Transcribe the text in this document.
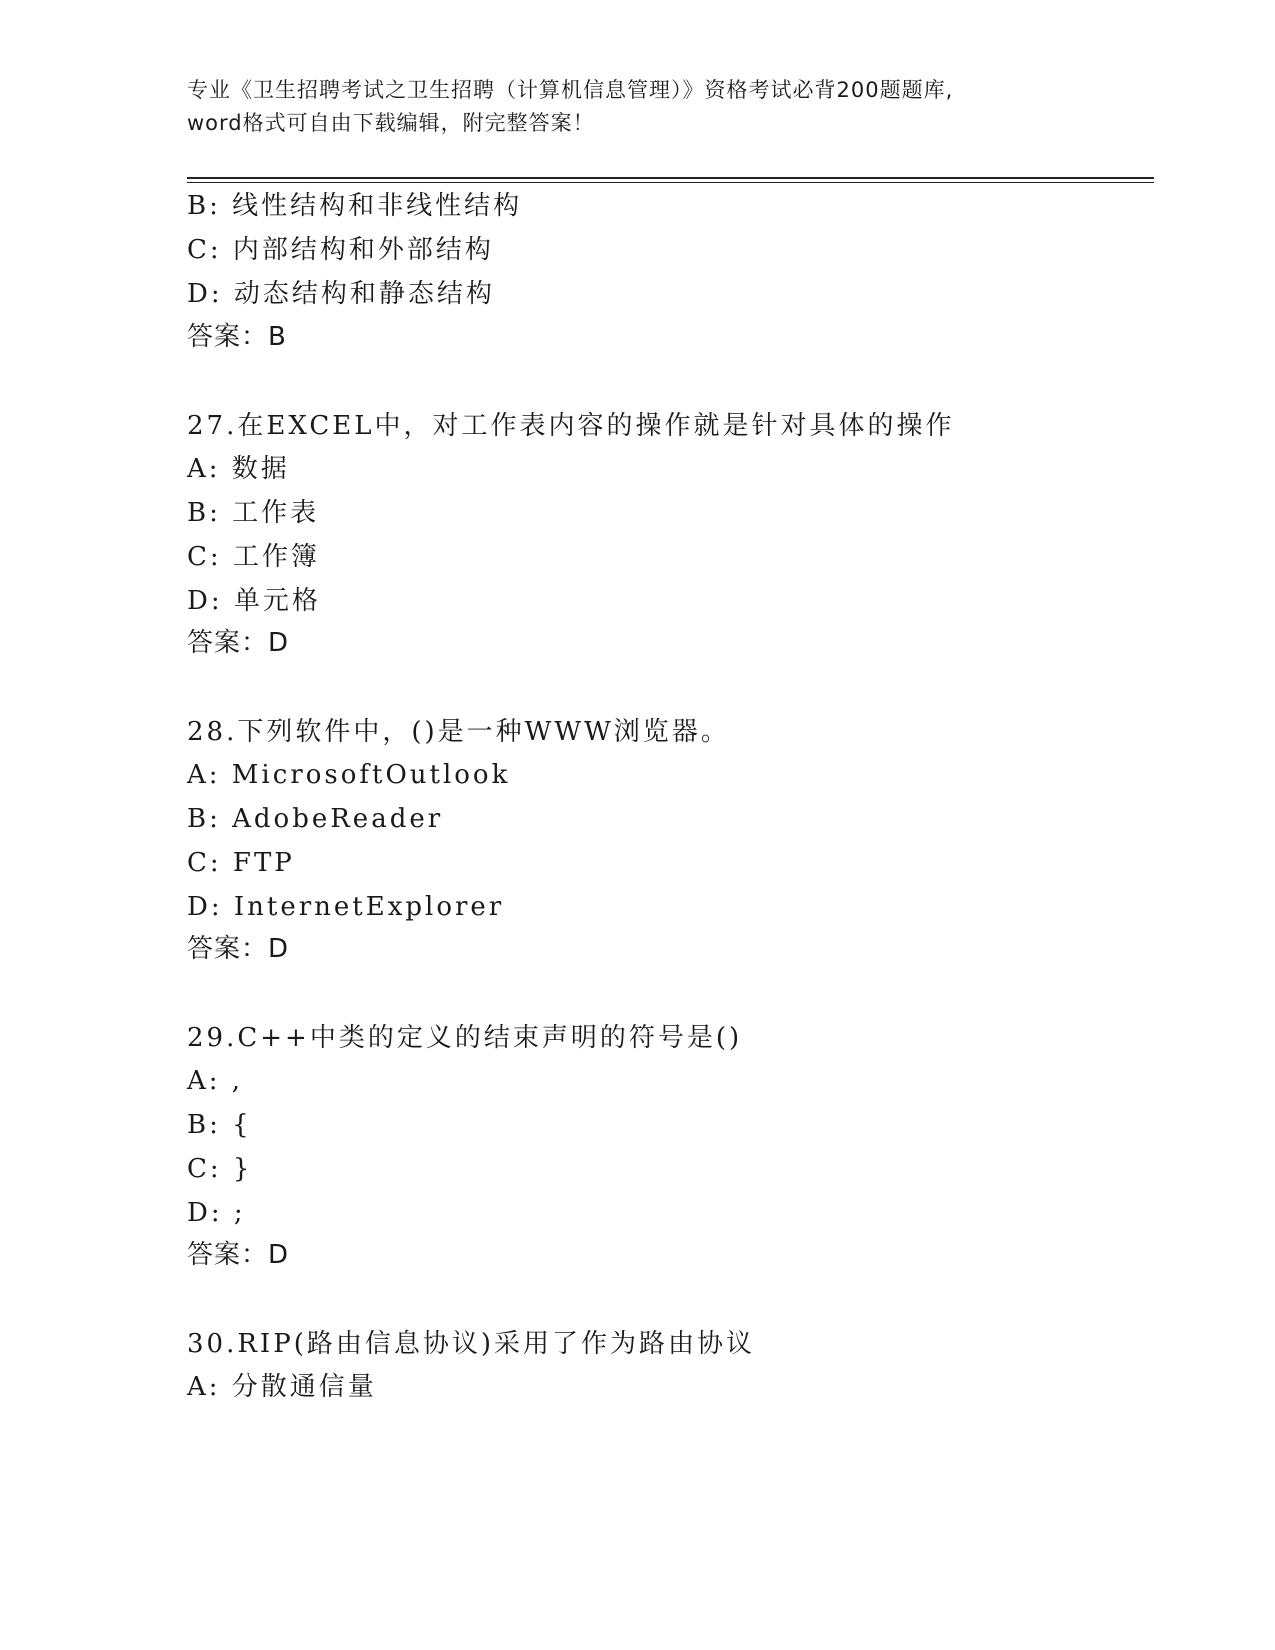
专业《卫生招聘考试之卫生招聘（计算机信息管理）》资格考试必背200题题库,
word格式可自由下载编辑，附完整答案！
B: 线性结构和非线性结构
C: 内部结构和外部结构
D: 动态结构和静态结构
答案：B
27.在EXCEL中，对工作表内容的操作就是针对具体的操作
A: 数据
B: 工作表
C: 工作簿
D: 单元格
答案：D
28.下列软件中，()是一种WWW浏览器。
A: MicrosoftOutlook
B: AdobeReader
C: FTP
D: InternetExplorer
答案：D
29.C++中类的定义的结束声明的符号是()
A: ,
B: {
C: }
D: ;
答案：D
30.RIP(路由信息协议)采用了作为路由协议
A: 分散通信量
